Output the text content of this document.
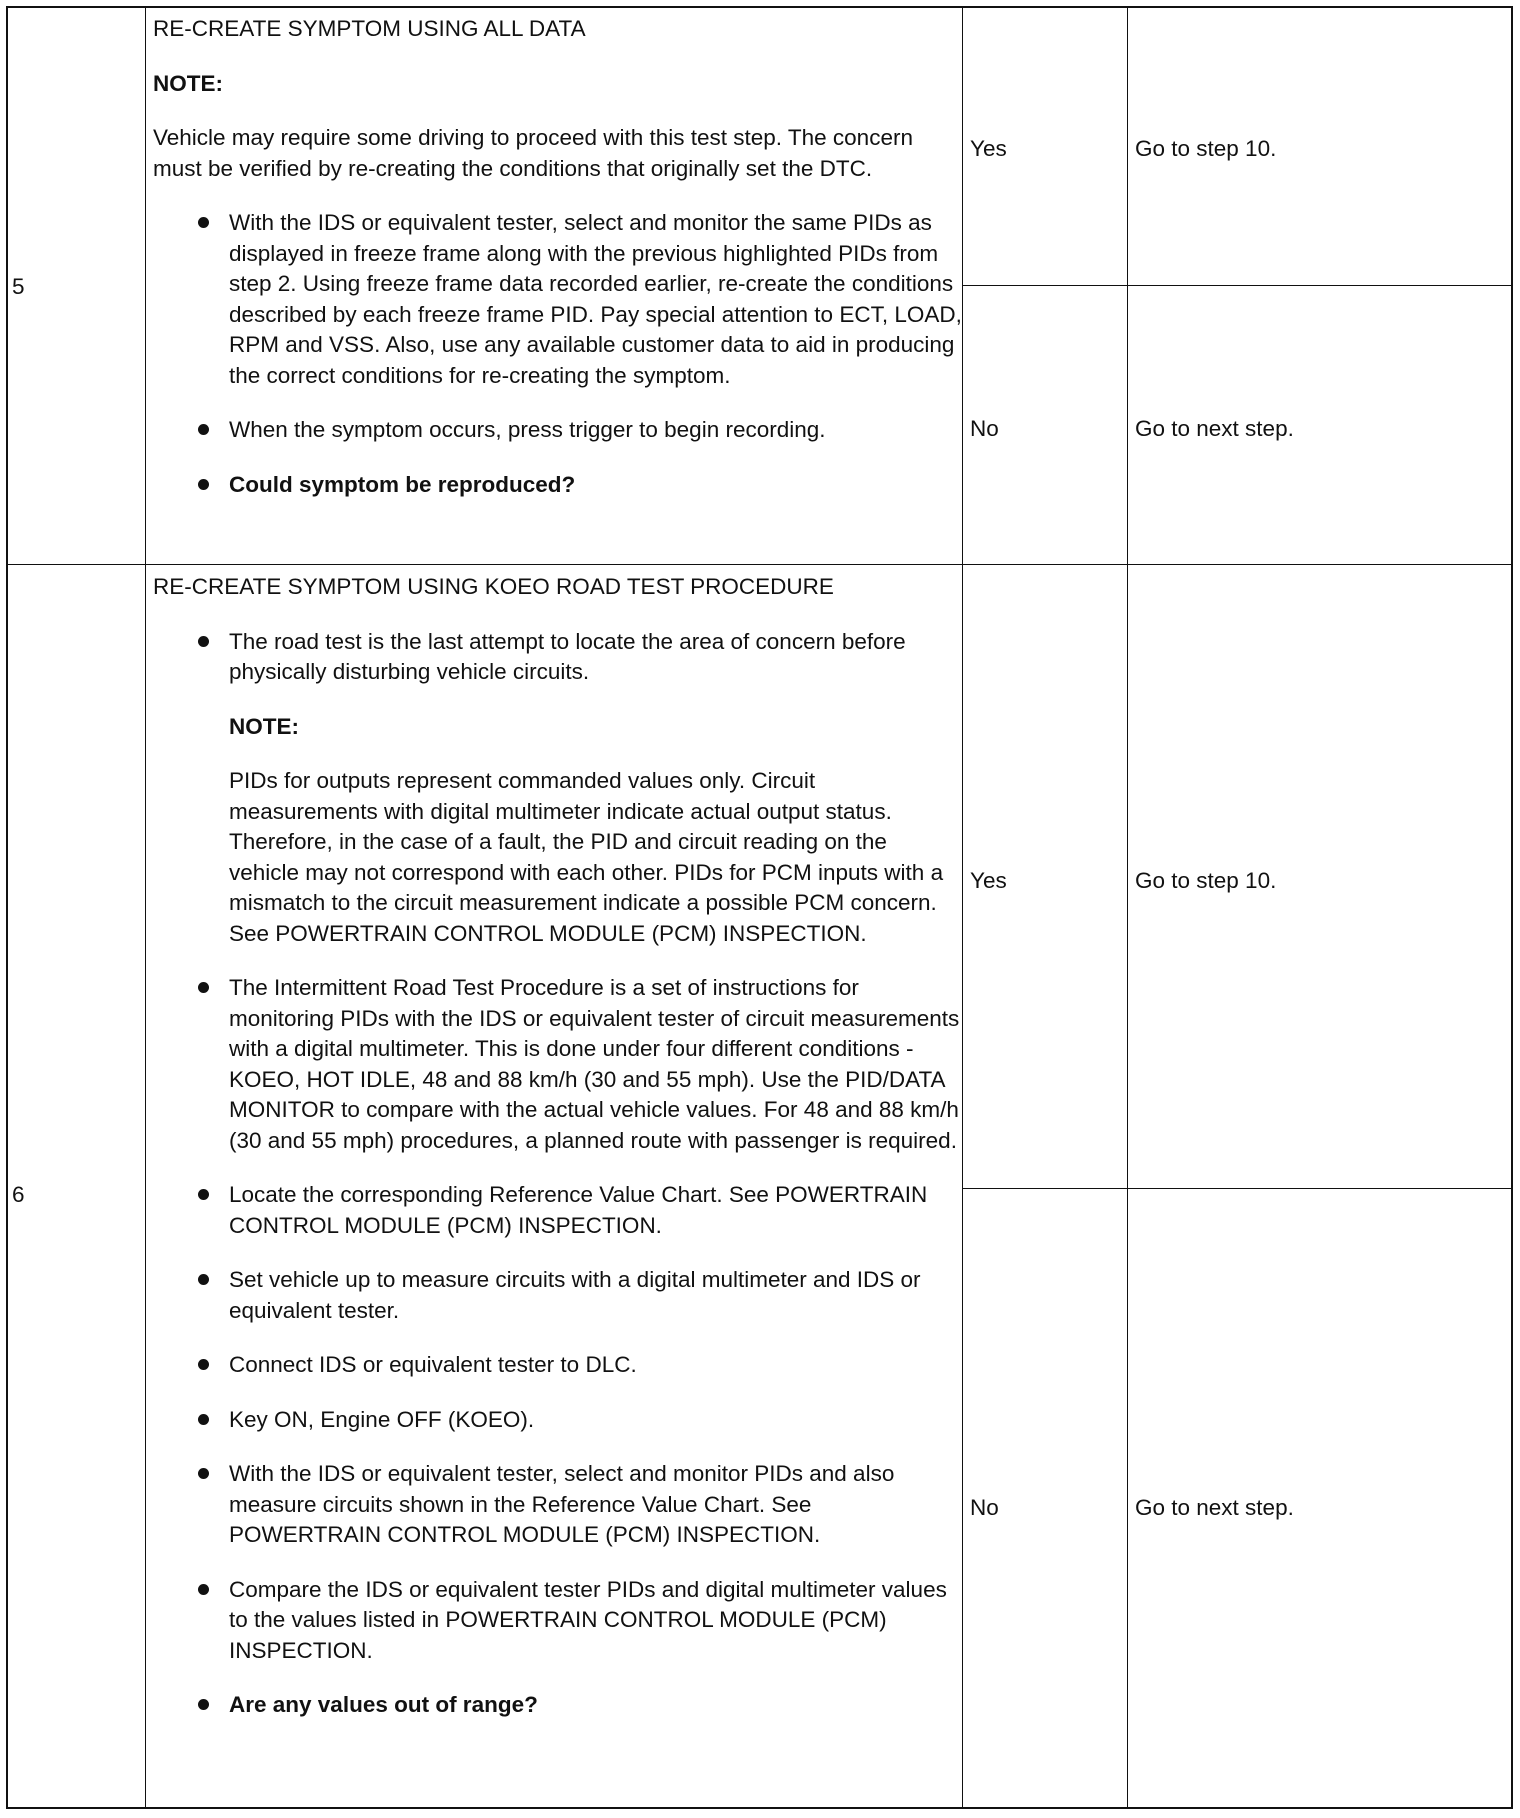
5

RE-CREATE SYMPTOM USING ALL DATA

NOTE:

Vehicle may require some driving to proceed with this test step. The concern must be verified by re-creating the conditions that originally set the DTC.

With the IDS or equivalent tester, select and monitor the same PIDs as displayed in freeze frame along with the previous highlighted PIDs from step 2. Using freeze frame data recorded earlier, re-create the conditions described by each freeze frame PID. Pay special attention to ECT, LOAD, RPM and VSS. Also, use any available customer data to aid in producing the correct conditions for re-creating the symptom.
When the symptom occurs, press trigger to begin recording.
Could symptom be reproduced?
Yes	Go to step 10.
No	Go to next step.
6

RE-CREATE SYMPTOM USING KOEO ROAD TEST PROCEDURE

The road test is the last attempt to locate the area of concern before physically disturbing vehicle circuits.

NOTE:

PIDs for outputs represent commanded values only. Circuit measurements with digital multimeter indicate actual output status. Therefore, in the case of a fault, the PID and circuit reading on the vehicle may not correspond with each other. PIDs for PCM inputs with a mismatch to the circuit measurement indicate a possible PCM concern. See POWERTRAIN CONTROL MODULE (PCM) INSPECTION.

The Intermittent Road Test Procedure is a set of instructions for monitoring PIDs with the IDS or equivalent tester of circuit measurements with a digital multimeter. This is done under four different conditions - KOEO, HOT IDLE, 48 and 88 km/h (30 and 55 mph). Use the PID/DATA MONITOR to compare with the actual vehicle values. For 48 and 88 km/h (30 and 55 mph) procedures, a planned route with passenger is required.
Locate the corresponding Reference Value Chart. See POWERTRAIN CONTROL MODULE (PCM) INSPECTION.
Set vehicle up to measure circuits with a digital multimeter and IDS or equivalent tester.
Connect IDS or equivalent tester to DLC.
Key ON, Engine OFF (KOEO).
With the IDS or equivalent tester, select and monitor PIDs and also measure circuits shown in the Reference Value Chart. See POWERTRAIN CONTROL MODULE (PCM) INSPECTION.
Compare the IDS or equivalent tester PIDs and digital multimeter values to the values listed in POWERTRAIN CONTROL MODULE (PCM) INSPECTION.
Are any values out of range?
Yes	Go to step 10.
No	Go to next step.
